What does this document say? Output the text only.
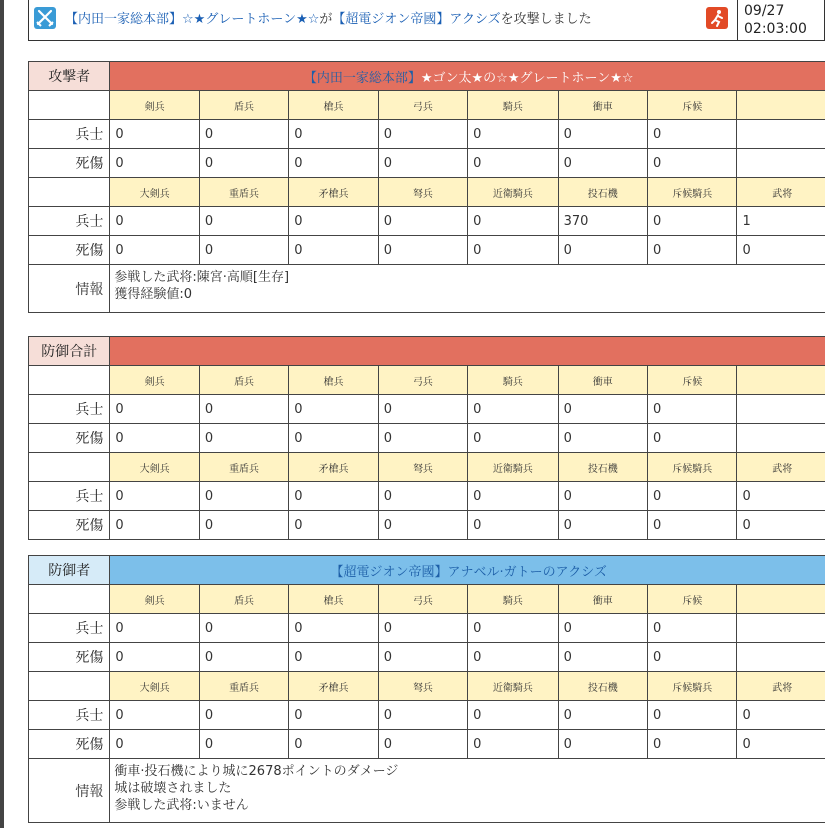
【内田一家総本部】☆★グレートホーン★☆が【超電ジオン帝國】アクシズを攻撃しました
09/27
02:03:00
攻撃者	【内田一家総本部】★ゴン太★の☆★グレートホーン★☆							
	剣兵	盾兵	槍兵	弓兵	騎兵	衝車	斥候	
兵士	0	0	0	0	0	0	0	
死傷	0	0	0	0	0	0	0	
	大剣兵	重盾兵	矛槍兵	弩兵	近衛騎兵	投石機	斥候騎兵	武将
兵士	0	0	0	0	0	370	0	1
死傷	0	0	0	0	0	0	0	0
情報	参戦した武将:陳宮·高順[生存]
獲得経験値:0							
防御合計								
	剣兵	盾兵	槍兵	弓兵	騎兵	衝車	斥候	
兵士	0	0	0	0	0	0	0	
死傷	0	0	0	0	0	0	0	
	大剣兵	重盾兵	矛槍兵	弩兵	近衛騎兵	投石機	斥候騎兵	武将
兵士	0	0	0	0	0	0	0	0
死傷	0	0	0	0	0	0	0	0
防御者	【超電ジオン帝國】アナベル·ガトーのアクシズ							
	剣兵	盾兵	槍兵	弓兵	騎兵	衝車	斥候	
兵士	0	0	0	0	0	0	0	
死傷	0	0	0	0	0	0	0	
	大剣兵	重盾兵	矛槍兵	弩兵	近衛騎兵	投石機	斥候騎兵	武将
兵士	0	0	0	0	0	0	0	0
死傷	0	0	0	0	0	0	0	0
情報	衝車·投石機により城に2678ポイントのダメージ
城は破壊されました
参戦した武将:いません							
